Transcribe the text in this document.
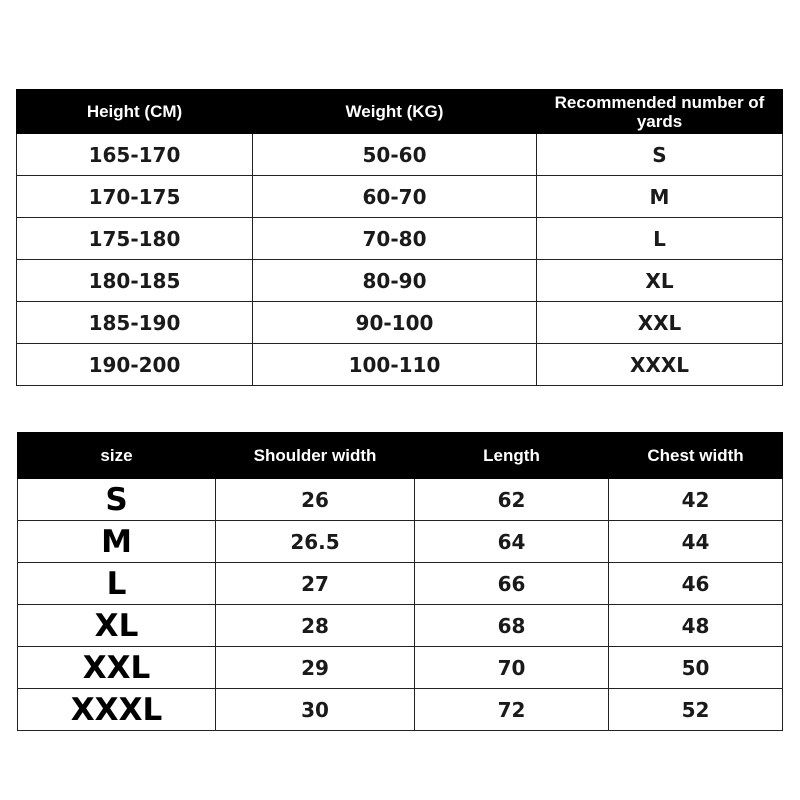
Height (CM)	Weight (KG)	Recommended number of yards
165-170	50-60	S
170-175	60-70	M
175-180	70-80	L
180-185	80-90	XL
185-190	90-100	XXL
190-200	100-110	XXXL
size	Shoulder width	Length	Chest width
S	26	62	42
M	26.5	64	44
L	27	66	46
XL	28	68	48
XXL	29	70	50
XXXL	30	72	52
